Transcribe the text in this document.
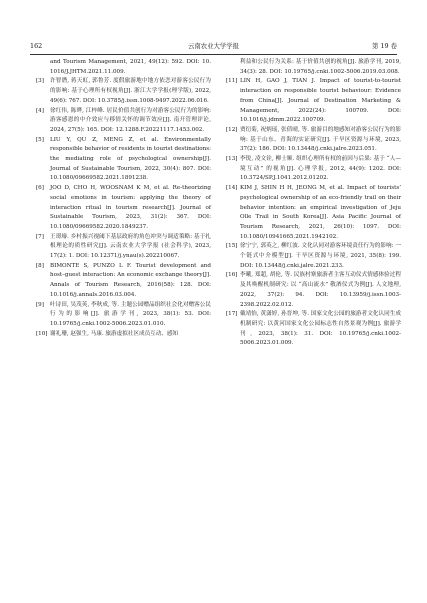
162	云南农业大学学报	第 19 卷
and Tourism Management, 2021, 49(12): 592. DOI: 10. 1016/J.JHTM.2021.11.009.
[3] 许智谮, 蒋天虹, 郭鲁芳. 度假旅游地中地方依恋对游客公民行为的影响: 基于心理所有权视角[J]. 浙江大学学报(理学版), 2022, 49(6): 767. DOI: 10.3785/j.issn.1008-9497.2022.06.016.
[4] 徐红伟, 陈晔, 江梓峰. 居民价值共创行为对游客公民行为的影响: 游客感恩的中介效应与移情关怀的调节效应[J]. 南开管理评论, 2024, 27(5): 165. DOI: 12.1288.F.20221117.1453.002.
[5] LIU Y, QU Z, MENG Z, et al. Environmentally responsible behavior of residents in tourist destinations: the mediating role of psychological ownership[J]. Journal of Sustainable Tourism, 2022, 30(4): 807. DOI: 10.1080/09669582.2021.1891238.
[6] JOO D, CHO H, WOOSNAM K M, et al. Re-theorizing social emotions in tourism: applying the theory of interaction ritual in tourism research[J]. Journal of Sustainable Tourism, 2023, 31(2): 367. DOI: 10.1080/09669582.2020.1849237.
[7] 王璟璿. 乡村振兴视阈下基层政府的角色冲突与调适策略: 基于扎根理论的质性研究[J]. 云南农业大学学报 (社会科学), 2023, 17(2): 1. DOI: 10.12371/j.ynau(s).202210067.
[8] BIMONTE S, PUNZO L F. Tourist development and host–guest interaction: An economic exchange theory[J]. Annals of Tourism Research, 2016(58): 128. DOI: 10.1016/j.annals.2016.03.004.
[9] 叶诗田, 吴茂英, 李秋成, 等. 主题公园赠品组织社会化对赠客公民行为的影响[J]. 旅游学刊, 2023, 38(1): 53. DOI: 10.19765/j.cnki.1002-5006.2023.01.010.
[10] 谢礼珊, 赵强生, 马康. 旅游虚拟社区成员互动、感知
利益和公民行为关系: 基于价值共创的视角[J]. 旅游学刊, 2019, 34(3): 28. DOI: 10.19765/j.cnki.1002-5006.2019.03.008.
[11] LIN H, GAO J, TIAN J. Impact of tourist-to-tourist interaction on responsible tourist behaviour: Evidence from China[J]. Journal of Destination Marketing & Management, 2022(24): 100709. DOI: 10.1016/j.jdmm.2022.100709.
[12] 贾衍菊, 祝炳瑶, 张倩晴, 等. 旅游目的地感知对游客公民行为的影响: 基于山东、青海的实证研究[J]. 干旱区资源与环境, 2023, 37(2): 186. DOI: 10.13448/j.cnki.jalre.2023.051.
[13] 李锐, 凌文铨, 柳士顺. 组织心理所有权的前因与后果: 基于 “人—境互动” 的视角[J]. 心理学报, 2012, 44(9): 1202. DOI: 10.3724/SP.J.1041.2012.01202.
[14] KIM J, SHIN H H, JEONG M, et al. Impact of tourists’ psychological ownership of an eco-friendly trail on their behavior intention: an empirical investigation of Jeju Olle Trail in South Korea[J]. Asia Pacific Journal of Tourism Research, 2021, 26(10): 1097. DOI: 10.1080/10941665.2021.1942102.
[15] 徐宁宁, 郭英之, 柳红波. 文化认同对游客环境责任行为的影响: 一个链式中介模型[J]. 干旱区资源与环境, 2021, 35(8): 199. DOI: 10.13448/j.cnki.jalre.2021.233.
[16] 李曦, 郑超, 胡伦, 等. 民族村寨旅游者主客互动仪式情感体验过程及其唤醒机制研究: 以 “高山流水” 敬酒仪式为例[J]. 人文地理, 2022, 37(2): 94. DOI: 10.13959/j.issn.1003-2398.2022.02.012.
[17] 戴靖怡, 黄潇婷, 孙晋坤, 等. 国家文化公园的旅游者文化认同生成机制研究: 以黄河国家文化公园标志性自然景观为例[J]. 旅游学刊, 2023, 38(1): 31. DOI: 10.19765/j.cnki.1002-5006.2023.01.009.
